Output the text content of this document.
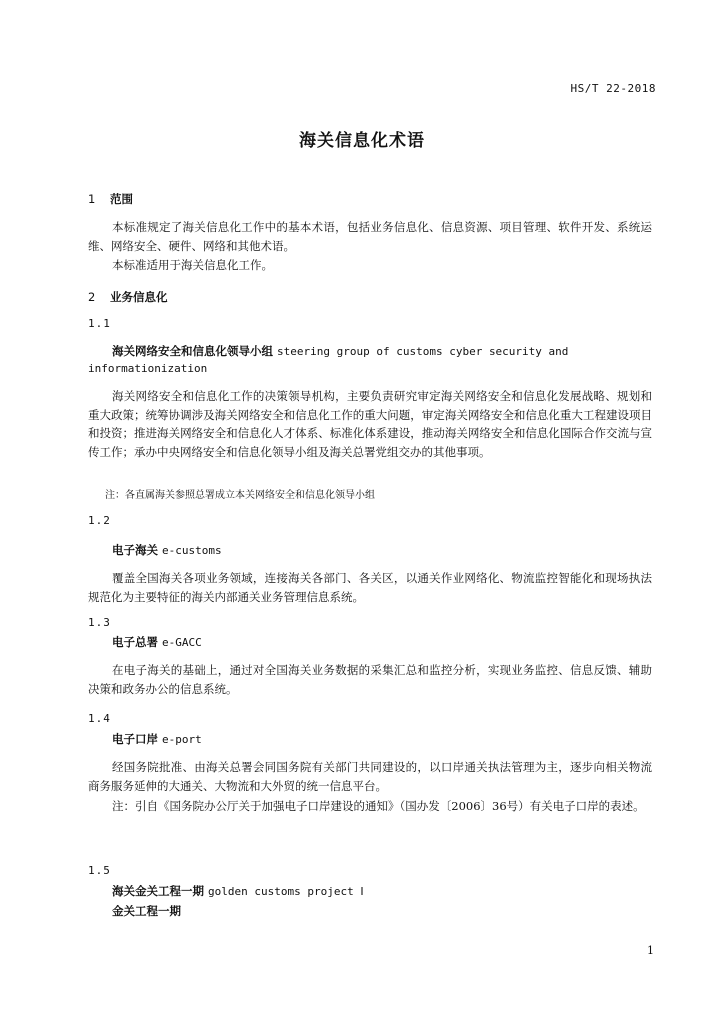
HS/T 22-2018
海关信息化术语
1 范围
本标准规定了海关信息化工作中的基本术语，包括业务信息化、信息资源、项目管理、软件开发、系统运维、网络安全、硬件、网络和其他术语。
本标准适用于海关信息化工作。
2 业务信息化
1.1
海关网络安全和信息化领导小组 steering group of customs cyber security and
informationization
海关网络安全和信息化工作的决策领导机构，主要负责研究审定海关网络安全和信息化发展战略、规划和重大政策；统筹协调涉及海关网络安全和信息化工作的重大问题，审定海关网络安全和信息化重大工程建设项目和投资；推进海关网络安全和信息化人才体系、标准化体系建设，推动海关网络安全和信息化国际合作交流与宣传工作；承办中央网络安全和信息化领导小组及海关总署党组交办的其他事项。
注：各直属海关参照总署成立本关网络安全和信息化领导小组
1.2
电子海关 e-customs
覆盖全国海关各项业务领域，连接海关各部门、各关区，以通关作业网络化、物流监控智能化和现场执法规范化为主要特征的海关内部通关业务管理信息系统。
1.3
电子总署 e-GACC
在电子海关的基础上，通过对全国海关业务数据的采集汇总和监控分析，实现业务监控、信息反馈、辅助决策和政务办公的信息系统。
1.4
电子口岸 e-port
经国务院批准、由海关总署会同国务院有关部门共同建设的，以口岸通关执法管理为主，逐步向相关物流商务服务延伸的大通关、大物流和大外贸的统一信息平台。
注：引自《国务院办公厅关于加强电子口岸建设的通知》（国办发〔2006〕36号）有关电子口岸的表述。
1.5
海关金关工程一期 golden customs project Ⅰ
金关工程一期
1
